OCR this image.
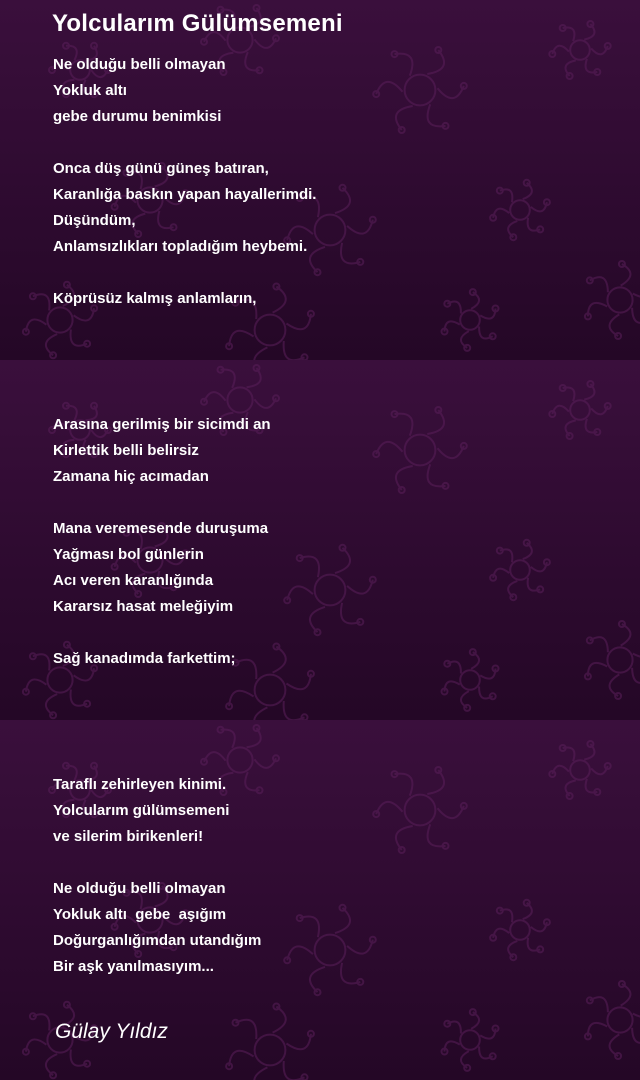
Yolcularım Gülümsemeni

Ne olduğu belli olmayan

Yokluk altı

gebe durumu benimkisi

Onca düş günü güneş batıran,

Karanlığa baskın yapan hayallerimdi.

Düşündüm,

Anlamsızlıkları topladığım heybemi.

Köprüsüz kalmış anlamların,

Arasına gerilmiş bir sicimdi an

Kirlettik belli belirsiz

Zamana hiç acımadan

Mana veremesende duruşuma

Yağması bol günlerin

Acı veren karanlığında

Kararsız hasat meleğiyim

Sağ kanadımda farkettim;

Taraflı zehirleyen kinimi.

Yolcularım gülümsemeni

ve silerim birikenleri!

Ne olduğu belli olmayan

Yokluk altı  gebe  aşığım

Doğurganlığımdan utandığım

Bir aşk yanılmasıyım...

Gülay Yıldız
